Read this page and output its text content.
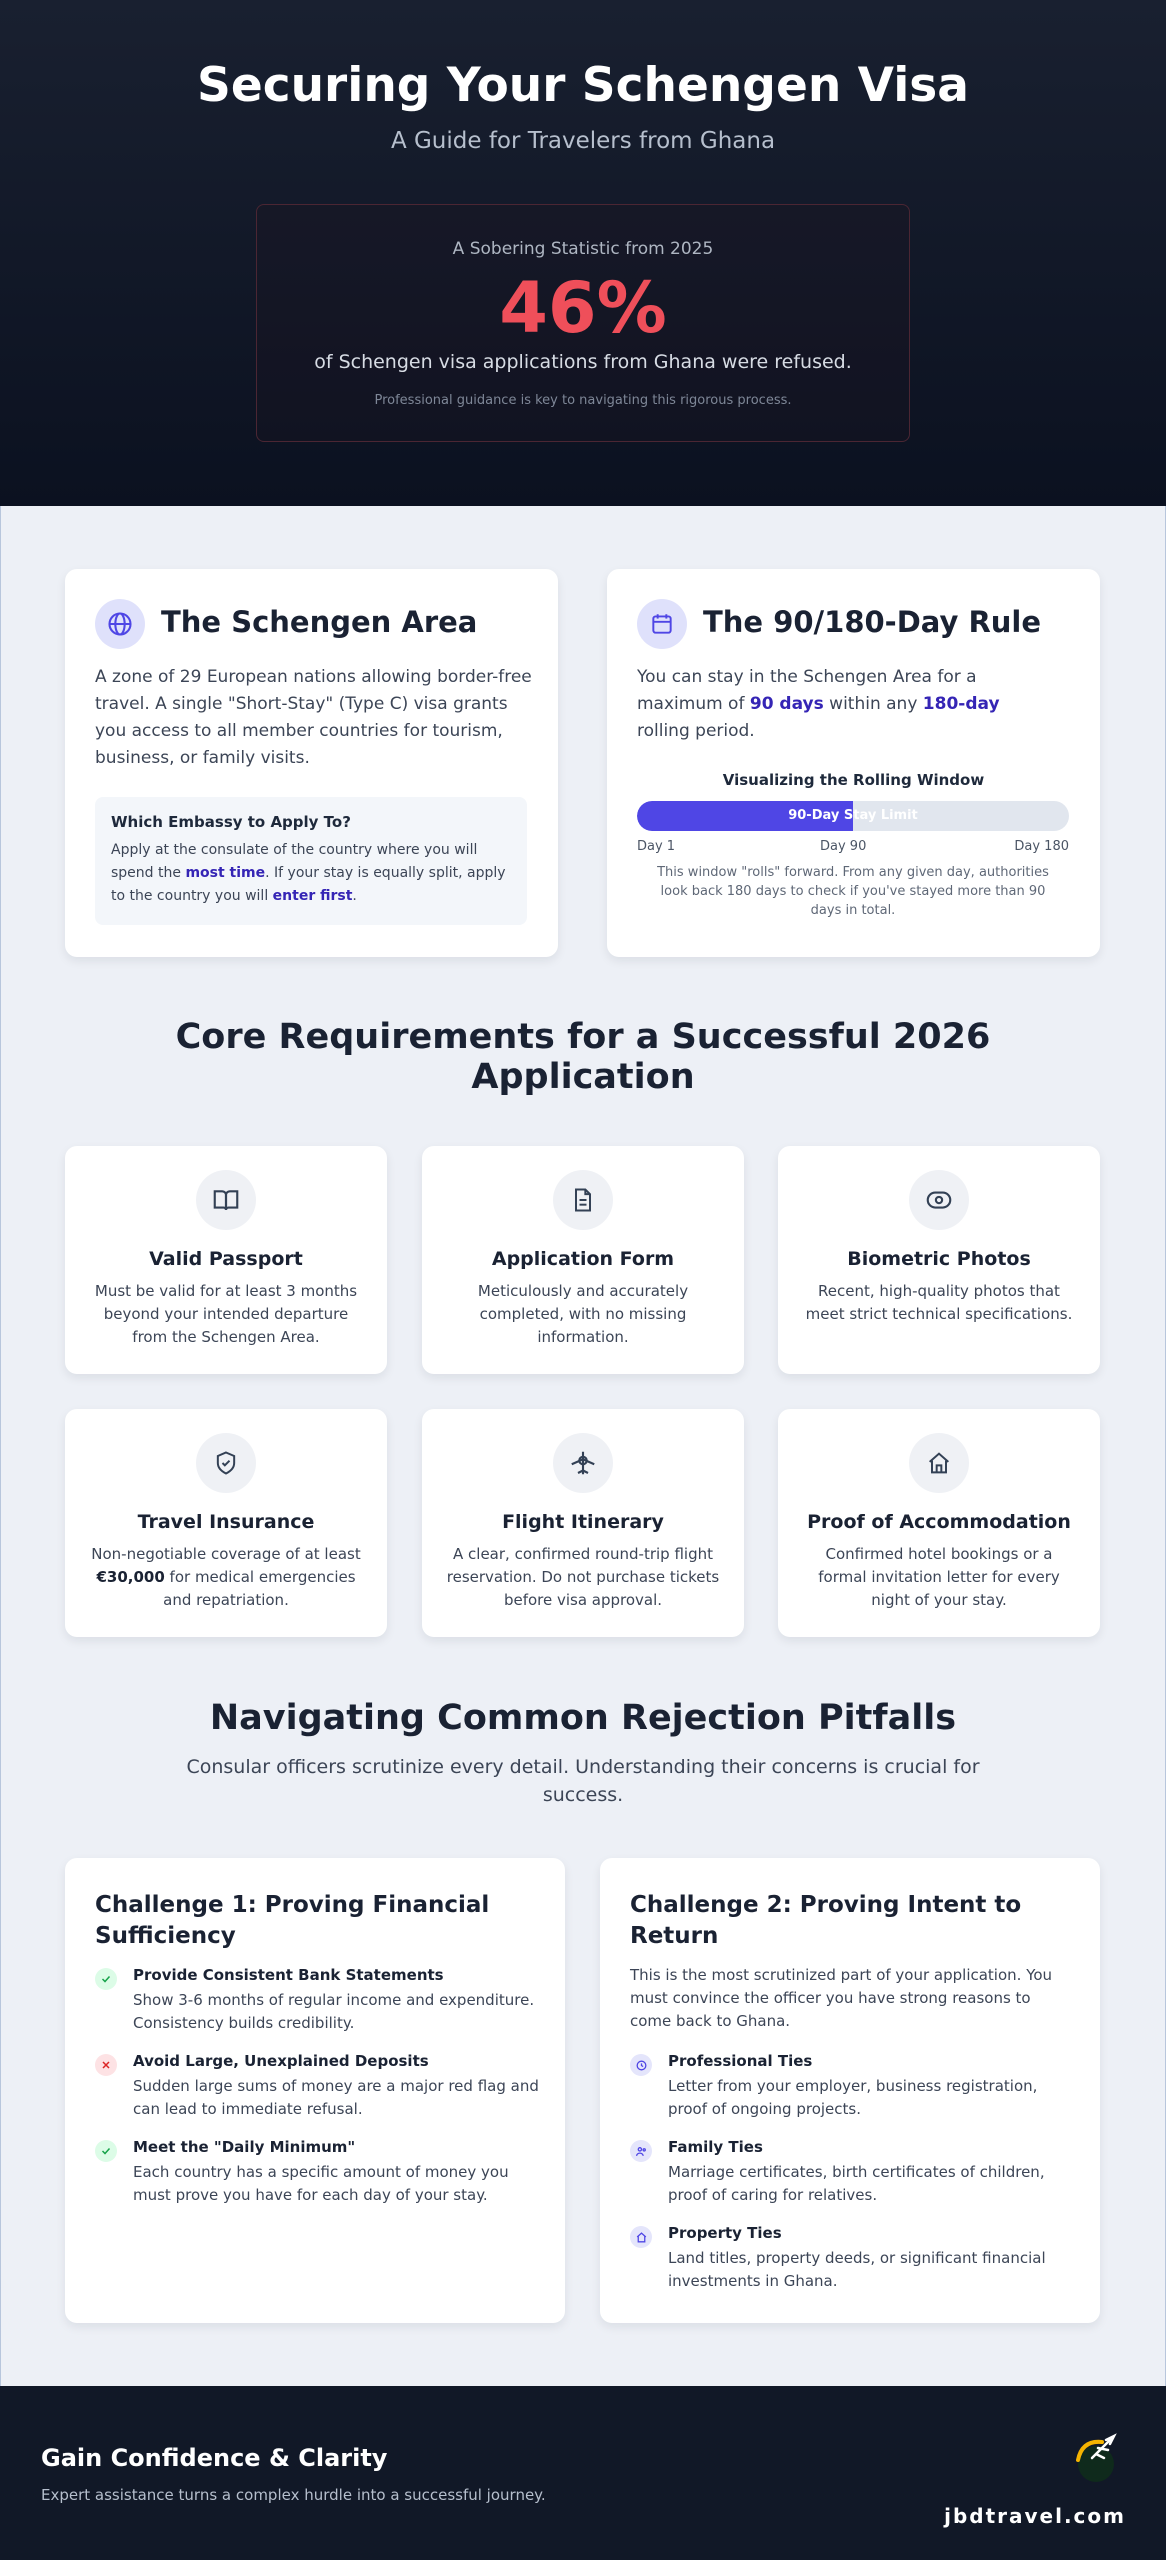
Securing Your Schengen Visa
A Guide for Travelers from Ghana
A Sobering Statistic from 2025
46%
of Schengen visa applications from Ghana were refused.
Professional guidance is key to navigating this rigorous process.
The Schengen Area

A zone of 29 European nations allowing border-free travel. A single "Short-Stay" (Type C) visa grants you access to all member countries for tourism, business, or family visits.

Which Embassy to Apply To?
Apply at the consulate of the country where you will spend the most time. If your stay is equally split, apply to the country you will enter first.
The 90/180-Day Rule

You can stay in the Schengen Area for a maximum of 90 days within any 180-day rolling period.

Visualizing the Rolling Window
90-Day Stay Limit
Day 1	Day 90	Day 180
This window "rolls" forward. From any given day, authorities look back 180 days to check if you've stayed more than 90 days in total.
Core Requirements for a Successful 2026 Application
Valid Passport
Must be valid for at least 3 months beyond your intended departure from the Schengen Area.
Application Form
Meticulously and accurately completed, with no missing information.
Biometric Photos
Recent, high-quality photos that meet strict technical specifications.
Travel Insurance
Non-negotiable coverage of at least €30,000 for medical emergencies and repatriation.
Flight Itinerary
A clear, confirmed round-trip flight reservation. Do not purchase tickets before visa approval.
Proof of Accommodation
Confirmed hotel bookings or a formal invitation letter for every night of your stay.
Navigating Common Rejection Pitfalls
Consular officers scrutinize every detail. Understanding their concerns is crucial for success.
Challenge 1: Proving Financial Sufficiency
Provide Consistent Bank Statements
Show 3-6 months of regular income and expenditure. Consistency builds credibility.
Avoid Large, Unexplained Deposits
Sudden large sums of money are a major red flag and can lead to immediate refusal.
Meet the "Daily Minimum"
Each country has a specific amount of money you must prove you have for each day of your stay.
Challenge 2: Proving Intent to Return
This is the most scrutinized part of your application. You must convince the officer you have strong reasons to come back to Ghana.
Professional Ties
Letter from your employer, business registration, proof of ongoing projects.
Family Ties
Marriage certificates, birth certificates of children, proof of caring for relatives.
Property Ties
Land titles, property deeds, or significant financial investments in Ghana.
Gain Confidence & Clarity
Expert assistance turns a complex hurdle into a successful journey.
jbdtravel.com
